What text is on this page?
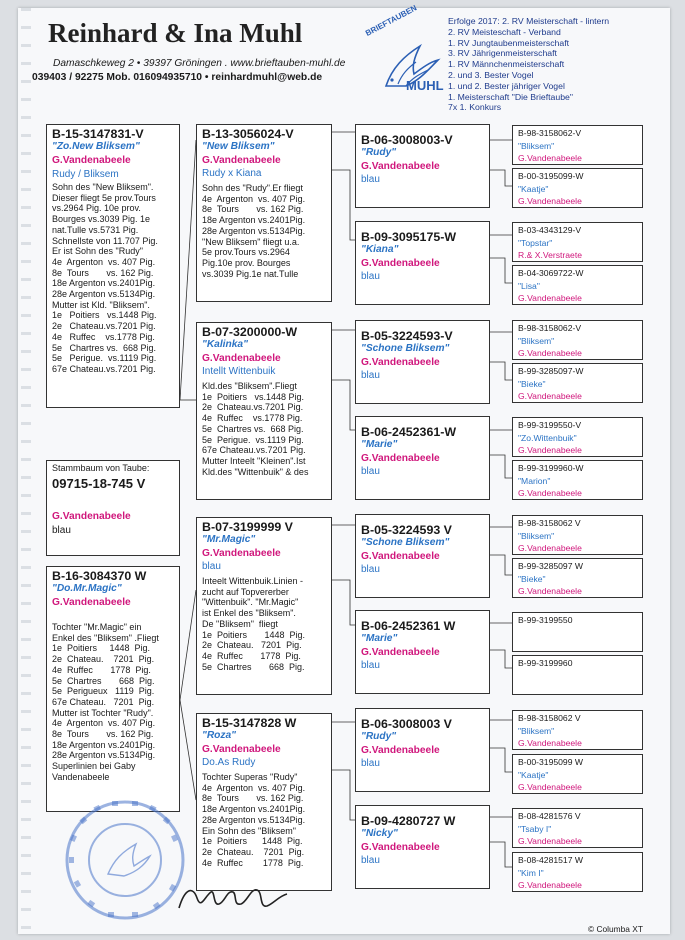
Reinhard & Ina Muhl
Damaschkeweg 2 • 39397 Gröningen . www.brieftauben-muhl.de
039403 / 92275 Mob. 016094935710 • reinhardmuhl@web.de
BRIEFTAUBEN
MUHL
Erfolge 2017: 2. RV Meisterschaft - lintern
2. RV Meisteschaft - Verband
1. RV Jungtaubenmeisterschaft
3. RV Jährigenmeisterschaft
1. RV Männchenmeisterschaft
2. und 3. Bester Vogel
1. und 2. Bester jähriger Vogel
1. Meisterschaft "Die Brieftaube"
7x 1. Konkurs
B-15-3147831-V
"Zo.New Bliksem"
G.Vandenabeele
Rudy / Bliksem
Sohn des "New Bliksem".
Dieser fliegt 5e prov.Tours
vs.2964 Pig. 10e prov.
Bourges vs.3039 Pig. 1e
nat.Tulle vs.5731 Pig.
Schnellste von 11.707 Pig.
Er ist Sohn des "Rudy"
4e  Argenton  vs. 407 Pig.
8e  Tours       vs. 162 Pig.
18e Argenton vs.2401Pig.
28e Argenton vs.5134Pig.
Mutter ist Kld. "Bliksem".
1e   Poitiers   vs.1448 Pig.
2e   Chateau.vs.7201 Pig.
4e   Ruffec    vs.1778 Pig.
5e   Chartres vs.  668 Pig.
5e   Perigue.  vs.1119 Pig.
67e Chateau.vs.7201 Pig.
Stammbaum von Taube:
09715-18-745 V
G.Vandenabeele
blau
B-16-3084370 W
"Do.Mr.Magic"
G.Vandenabeele
Tochter "Mr.Magic" ein
Enkel des "Bliksem" .Fliegt
1e  Poitiers     1448  Pig.
2e  Chateau.    7201  Pig.
4e  Ruffec       1778  Pig.
5e  Chartres       668  Pig.
5e  Perigueux   1119  Pig.
67e Chateau.   7201  Pig.
Mutter ist Tochter "Rudy".
4e  Argenton  vs. 407 Pig.
8e  Tours       vs. 162 Pig.
18e Argenton vs.2401Pig.
28e Argenton vs.5134Pig.
Superlinien bei Gaby
Vandenabeele
B-13-3056024-V
"New Bliksem"
G.Vandenabeele
Rudy x Kiana
Sohn des "Rudy".Er fliegt
4e  Argenton  vs. 407 Pig.
8e  Tours       vs. 162 Pig.
18e Argenton vs.2401Pig.
28e Argenton vs.5134Pig.
"New Bliksem" fliegt u.a.
5e prov.Tours vs.2964
Pig.10e prov. Bourges
vs.3039 Pig.1e nat.Tulle
B-07-3200000-W
"Kalinka"
G.Vandenabeele
Intellt Wittenbuik
Kld.des "Bliksem".Fliegt
1e  Poitiers   vs.1448 Pig.
2e  Chateau.vs.7201 Pig.
4e  Ruffec    vs.1778 Pig.
5e  Chartres vs.  668 Pig.
5e  Perigue.  vs.1119 Pig.
67e Chateau.vs.7201 Pig.
Mutter Inteelt "Kleinen".Ist
Kld.des "Wittenbuik" & des
B-07-3199999 V
"Mr.Magic"
G.Vandenabeele
blau
Inteelt Wittenbuik.Linien -
zucht auf Topvererber
"Wittenbuik". "Mr.Magic"
ist Enkel des "Bliksem".
De "Bliksem"  fliegt
1e  Poitiers       1448  Pig.
2e  Chateau.   7201  Pig.
4e  Ruffec       1778  Pig.
5e  Chartres       668  Pig.
B-15-3147828 W
"Roza"
G.Vandenabeele
Do.As Rudy
Tochter Superas "Rudy"
4e  Argenton  vs. 407 Pig.
8e  Tours       vs. 162 Pig.
18e Argenton vs.2401Pig.
28e Argenton vs.5134Pig.
Ein Sohn des "Bliksem"
1e  Poitiers      1448  Pig.
2e  Chateau.    7201  Pig.
4e  Ruffec        1778  Pig.
B-06-3008003-V
"Rudy"
G.Vandenabeele
blau
B-09-3095175-W
"Kiana"
G.Vandenabeele
blau
B-05-3224593-V
"Schone Bliksem"
G.Vandenabeele
blau
B-06-2452361-W
"Marie"
G.Vandenabeele
blau
B-05-3224593 V
"Schone Bliksem"
G.Vandenabeele
blau
B-06-2452361 W
"Marie"
G.Vandenabeele
blau
B-06-3008003 V
"Rudy"
G.Vandenabeele
blau
B-09-4280727 W
"Nicky"
G.Vandenabeele
blau
B-98-3158062-V
"Bliksem"
G.Vandenabeele
B-00-3195099-W
"Kaatje"
G.Vandenabeele
B-03-4343129-V
"Topstar"
R.& X.Verstraete
B-04-3069722-W
"Lisa"
G.Vandenabeele
B-98-3158062-V
"Bliksem"
G.Vandenabeele
B-99-3285097-W
"Bieke"
G.Vandenabeele
B-99-3199550-V
"Zo.Wittenbuik"
G.Vandenabeele
B-99-3199960-W
"Marion"
G.Vandenabeele
B-98-3158062 V
"Bliksem"
G.Vandenabeele
B-99-3285097 W
"Bieke"
G.Vandenabeele
B-99-3199550
B-99-3199960
B-98-3158062 V
"Bliksem"
G.Vandenabeele
B-00-3195099 W
"Kaatje"
G.Vandenabeele
B-08-4281576 V
"Tsaby I"
G.Vandenabeele
B-08-4281517 W
"Kim I"
G.Vandenabeele
© Columba XT
